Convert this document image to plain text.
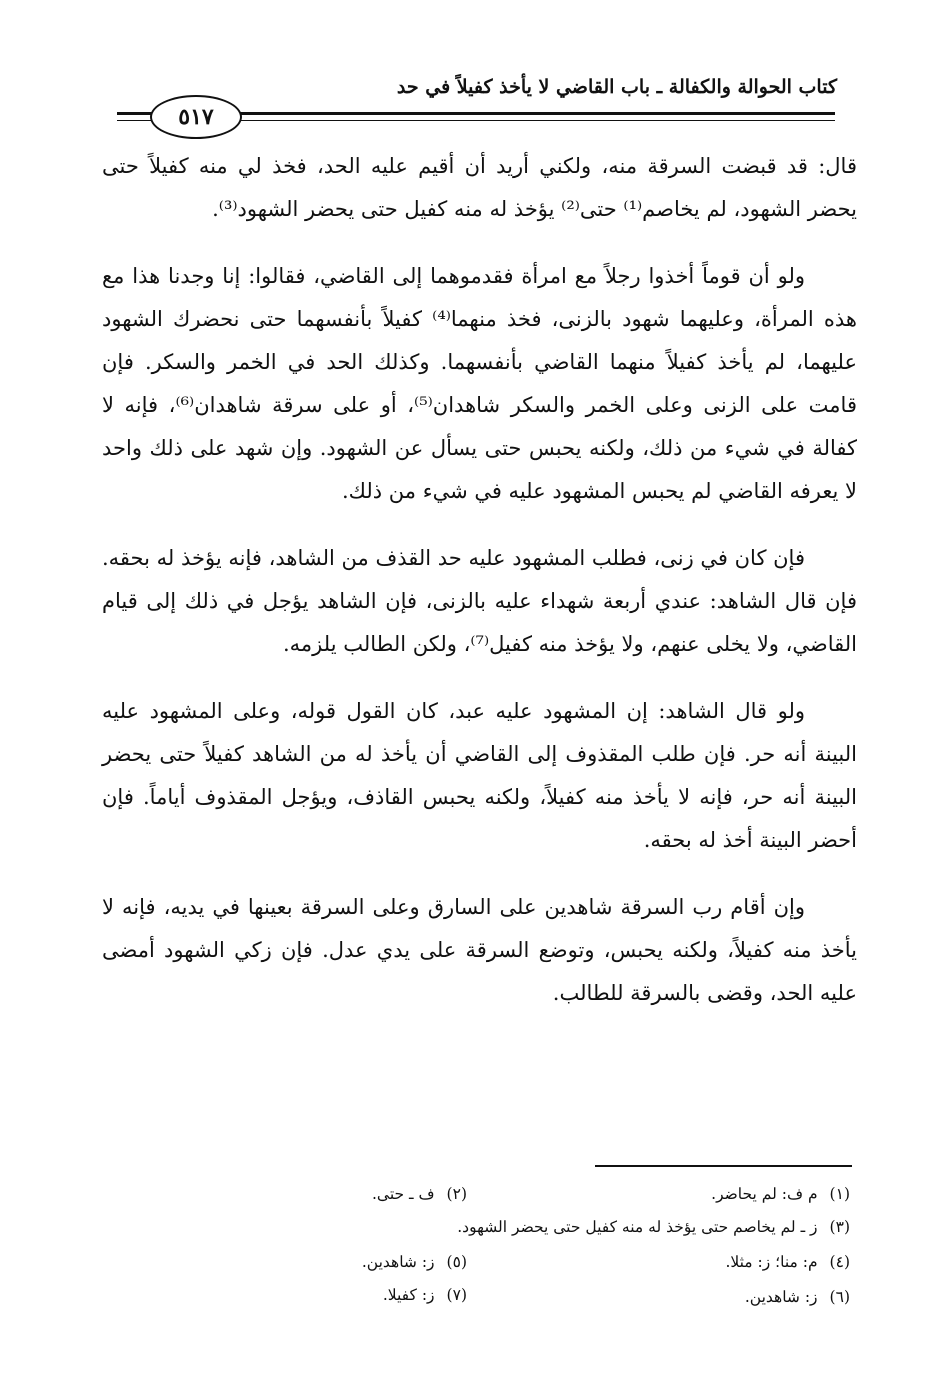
كتاب الحوالة والكفالة ـ باب القاضي لا يأخذ كفيلاً في حد
٥١٧

قال: قد قبضت السرقة منه، ولكني أريد أن أقيم عليه الحد، فخذ لي منه كفيلاً حتى يحضر الشهود، لم يخاصم⁽¹⁾ حتى⁽²⁾ يؤخذ له منه كفيل حتى يحضر الشهود⁽³⁾.

ولو أن قوماً أخذوا رجلاً مع امرأة فقدموهما إلى القاضي، فقالوا: إنا وجدنا هذا مع هذه المرأة، وعليهما شهود بالزنى، فخذ منهما⁽⁴⁾ كفيلاً بأنفسهما حتى نحضرك الشهود عليهما، لم يأخذ كفيلاً منهما القاضي بأنفسهما. وكذلك الحد في الخمر والسكر. فإن قامت على الزنى وعلى الخمر والسكر شاهدان⁽⁵⁾، أو على سرقة شاهدان⁽⁶⁾، فإنه لا كفالة في شيء من ذلك، ولكنه يحبس حتى يسأل عن الشهود. وإن شهد على ذلك واحد لا يعرفه القاضي لم يحبس المشهود عليه في شيء من ذلك.

فإن كان في زنى، فطلب المشهود عليه حد القذف من الشاهد، فإنه يؤخذ له بحقه. فإن قال الشاهد: عندي أربعة شهداء عليه بالزنى، فإن الشاهد يؤجل في ذلك إلى قيام القاضي، ولا يخلى عنهم، ولا يؤخذ منه كفيل⁽⁷⁾، ولكن الطالب يلزمه.

ولو قال الشاهد: إن المشهود عليه عبد، كان القول قوله، وعلى المشهود عليه البينة أنه حر. فإن طلب المقذوف إلى القاضي أن يأخذ له من الشاهد كفيلاً حتى يحضر البينة أنه حر، فإنه لا يأخذ منه كفيلاً، ولكنه يحبس القاذف، ويؤجل المقذوف أياماً. فإن أحضر البينة أخذ له بحقه.

وإن أقام رب السرقة شاهدين على السارق وعلى السرقة بعينها في يديه، فإنه لا يأخذ منه كفيلاً، ولكنه يحبس، وتوضع السرقة على يدي عدل. فإن زكي الشهود أمضى عليه الحد، وقضى بالسرقة للطالب.

(١)م ف: لم يحاضر.
(٢)ف ـ حتى.
(٣)ز ـ لم يخاصم حتى يؤخذ له منه كفيل حتى يحضر الشهود.
(٤)م: منا؛ ز: مثلا.
(٥)ز: شاهدين.
(٦)ز: شاهدين.
(٧)ز: كفيلا.
